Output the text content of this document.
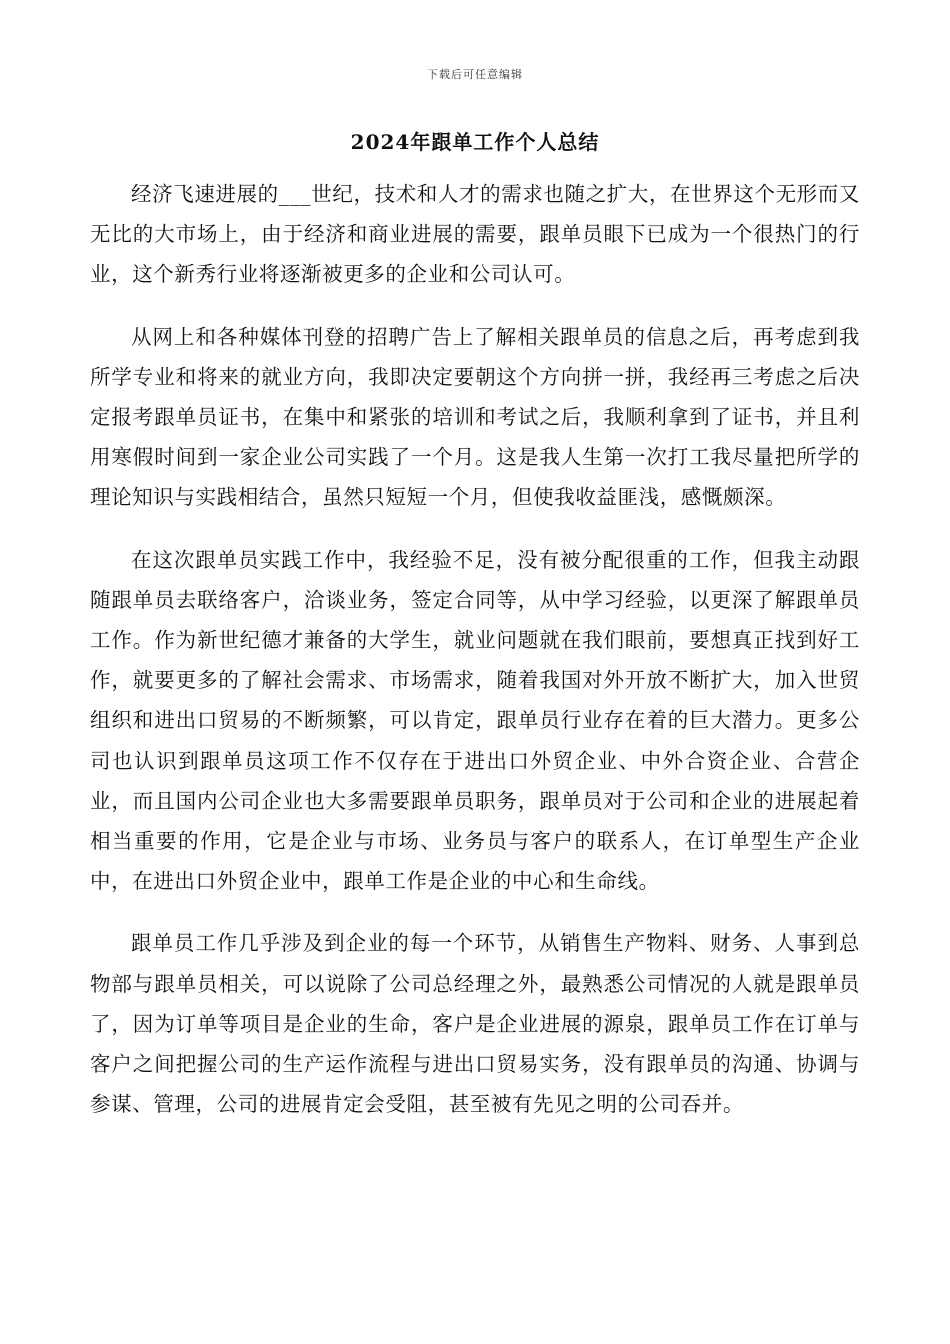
下载后可任意编辑
2024年跟单工作个人总结

经济飞速进展的___世纪，技术和人才的需求也随之扩大，在世界这个无形而又无比的大市场上，由于经济和商业进展的需要，跟单员眼下已成为一个很热门的行业，这个新秀行业将逐渐被更多的企业和公司认可。

从网上和各种媒体刊登的招聘广告上了解相关跟单员的信息之后，再考虑到我所学专业和将来的就业方向，我即决定要朝这个方向拼一拼，我经再三考虑之后决定报考跟单员证书，在集中和紧张的培训和考试之后，我顺利拿到了证书，并且利用寒假时间到一家企业公司实践了一个月。这是我人生第一次打工我尽量把所学的理论知识与实践相结合，虽然只短短一个月，但使我收益匪浅，感慨颇深。

在这次跟单员实践工作中，我经验不足，没有被分配很重的工作，但我主动跟随跟单员去联络客户，洽谈业务，签定合同等，从中学习经验，以更深了解跟单员工作。作为新世纪德才兼备的大学生，就业问题就在我们眼前，要想真正找到好工作，就要更多的了解社会需求、市场需求，随着我国对外开放不断扩大，加入世贸组织和进出口贸易的不断频繁，可以肯定，跟单员行业存在着的巨大潜力。更多公司也认识到跟单员这项工作不仅存在于进出口外贸企业、中外合资企业、合营企业，而且国内公司企业也大多需要跟单员职务，跟单员对于公司和企业的进展起着相当重要的作用，它是企业与市场、业务员与客户的联系人，在订单型生产企业中，在进出口外贸企业中，跟单工作是企业的中心和生命线。

跟单员工作几乎涉及到企业的每一个环节，从销售生产物料、财务、人事到总物部与跟单员相关，可以说除了公司总经理之外，最熟悉公司情况的人就是跟单员了，因为订单等项目是企业的生命，客户是企业进展的源泉，跟单员工作在订单与客户之间把握公司的生产运作流程与进出口贸易实务，没有跟单员的沟通、协调与参谋、管理，公司的进展肯定会受阻，甚至被有先见之明的公司吞并。
